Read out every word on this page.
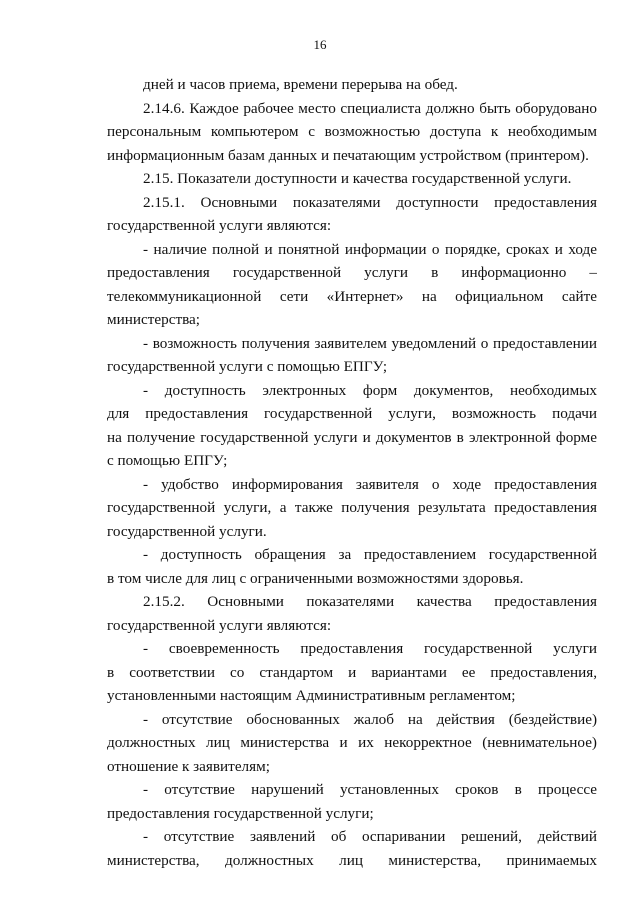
16
дней и часов приема, времени перерыва на обед.
2.14.6. Каждое рабочее место специалиста должно быть оборудовано
персональным компьютером с возможностью доступа к необходимым
информационным базам данных и печатающим устройством (принтером).
2.15. Показатели доступности и качества государственной услуги.
2.15.1. Основными показателями доступности предоставления
государственной услуги являются:
- наличие полной и понятной информации о порядке, сроках и ходе
предоставления государственной услуги в информационно –
телекоммуникационной сети «Интернет» на официальном сайте
министерства;
- возможность получения заявителем уведомлений о предоставлении
государственной услуги с помощью ЕПГУ;
- доступность электронных форм документов, необходимых
для предоставления государственной услуги, возможность подачи
на получение государственной услуги и документов в электронной форме
с помощью ЕПГУ;
- удобство информирования заявителя о ходе предоставления
государственной услуги, а также получения результата предоставления
государственной услуги.
- доступность обращения за предоставлением государственной
в том числе для лиц с ограниченными возможностями здоровья.
2.15.2. Основными показателями качества предоставления
государственной услуги являются:
- своевременность предоставления государственной услуги
в соответствии со стандартом и вариантами ее предоставления,
установленными настоящим Административным регламентом;
- отсутствие обоснованных жалоб на действия (бездействие)
должностных лиц министерства и их некорректное (невнимательное)
отношение к заявителям;
- отсутствие нарушений установленных сроков в процессе
предоставления государственной услуги;
- отсутствие заявлений об оспаривании решений, действий
министерства, должностных лиц министерства, принимаемых
